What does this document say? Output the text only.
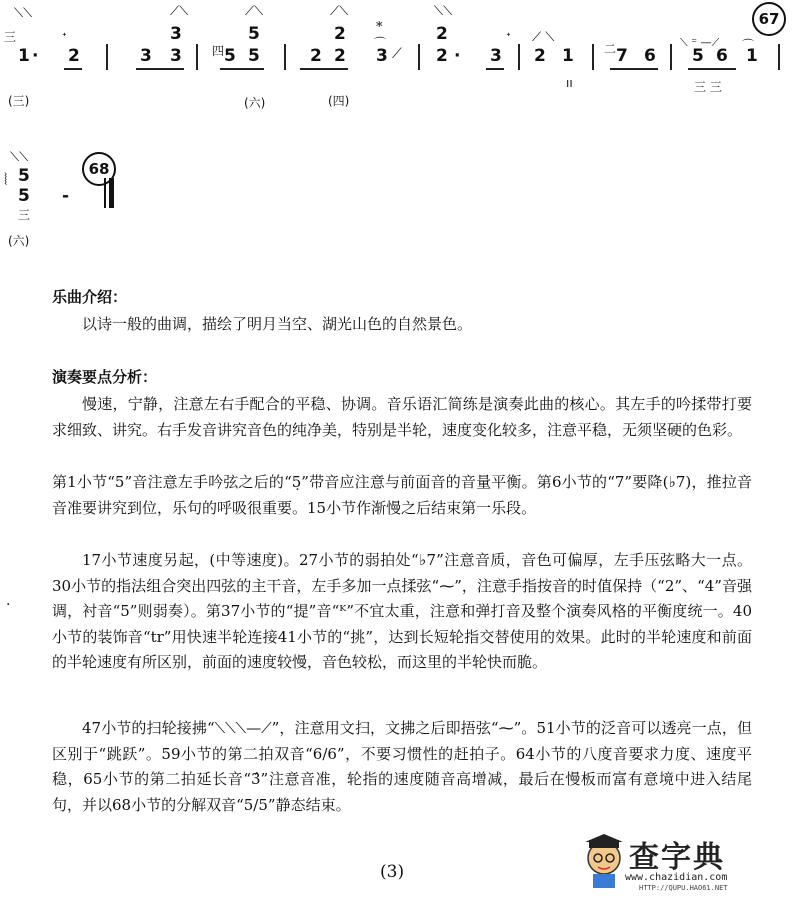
三
⟍⟍
1 · 2
ᐩ
(三)
⟋⟍
3
3 3
⟋⟍
5
四 5 5
(六)
⟋⟍
2
2 2
*
3
⌒
⟋
(四)
⟍⟍
2
2 · 3
ᐩ ⟋ ⟍
2 1
ıı
二 7 6
⟍ ⁼ —⟋
5 6 1
⌒
三 三
67
⟍⟍
⦚ 5
5
三
(六)
-
68
乐曲介绍：
以诗一般的曲调，描绘了明月当空、湖光山色的自然景色。
演奏要点分析：
慢速，宁静，注意左右手配合的平稳、协调。音乐语汇简练是演奏此曲的核心。其左手的吟揉带打要求细致、讲究。右手发音讲究音色的纯净美，特别是半轮，速度变化较多，注意平稳，无须坚硬的色彩。
第1小节“5”音注意左手吟弦之后的“5̣”带音应注意与前面音的音量平衡。第6小节的“7”要降(♭7)，推拉音音准要讲究到位，乐句的呼吸很重要。15小节作渐慢之后结束第一乐段。
17小节速度另起，(中等速度)。27小节的弱拍处“♭7”注意音质，音色可偏厚，左手压弦略大一点。30小节的指法组合突出四弦的主干音，左手多加一点揉弦“⁓”，注意手指按音的时值保持（“2”、“4”音强调，衬音“5”则弱奏）。第37小节的“提”音“ᴷ”不宜太重，注意和弹打音及整个演奏风格的平衡度统一。40小节的装饰音“tr”用快速半轮连接41小节的“挑”，达到长短轮指交替使用的效果。此时的半轮速度和前面的半轮速度有所区别，前面的速度较慢，音色较松，而这里的半轮快而脆。
47小节的扫轮接拂“⟍⟍⟍—⟋”，注意用文扫，文拂之后即捂弦“⁓”。51小节的泛音可以透亮一点，但区别于“跳跃”。59小节的第二拍双音“6/6”，不要习惯性的赶拍子。64小节的八度音要求力度、速度平稳，65小节的第二拍延长音“3̂”注意音准，轮指的速度随音高增减，最后在慢板而富有意境中进入结尾句，并以68小节的分解双音“5/5”静态结束。
·
(3)	查字典
www.chazidian.com
HTTP://QUPU.HAO61.NET
